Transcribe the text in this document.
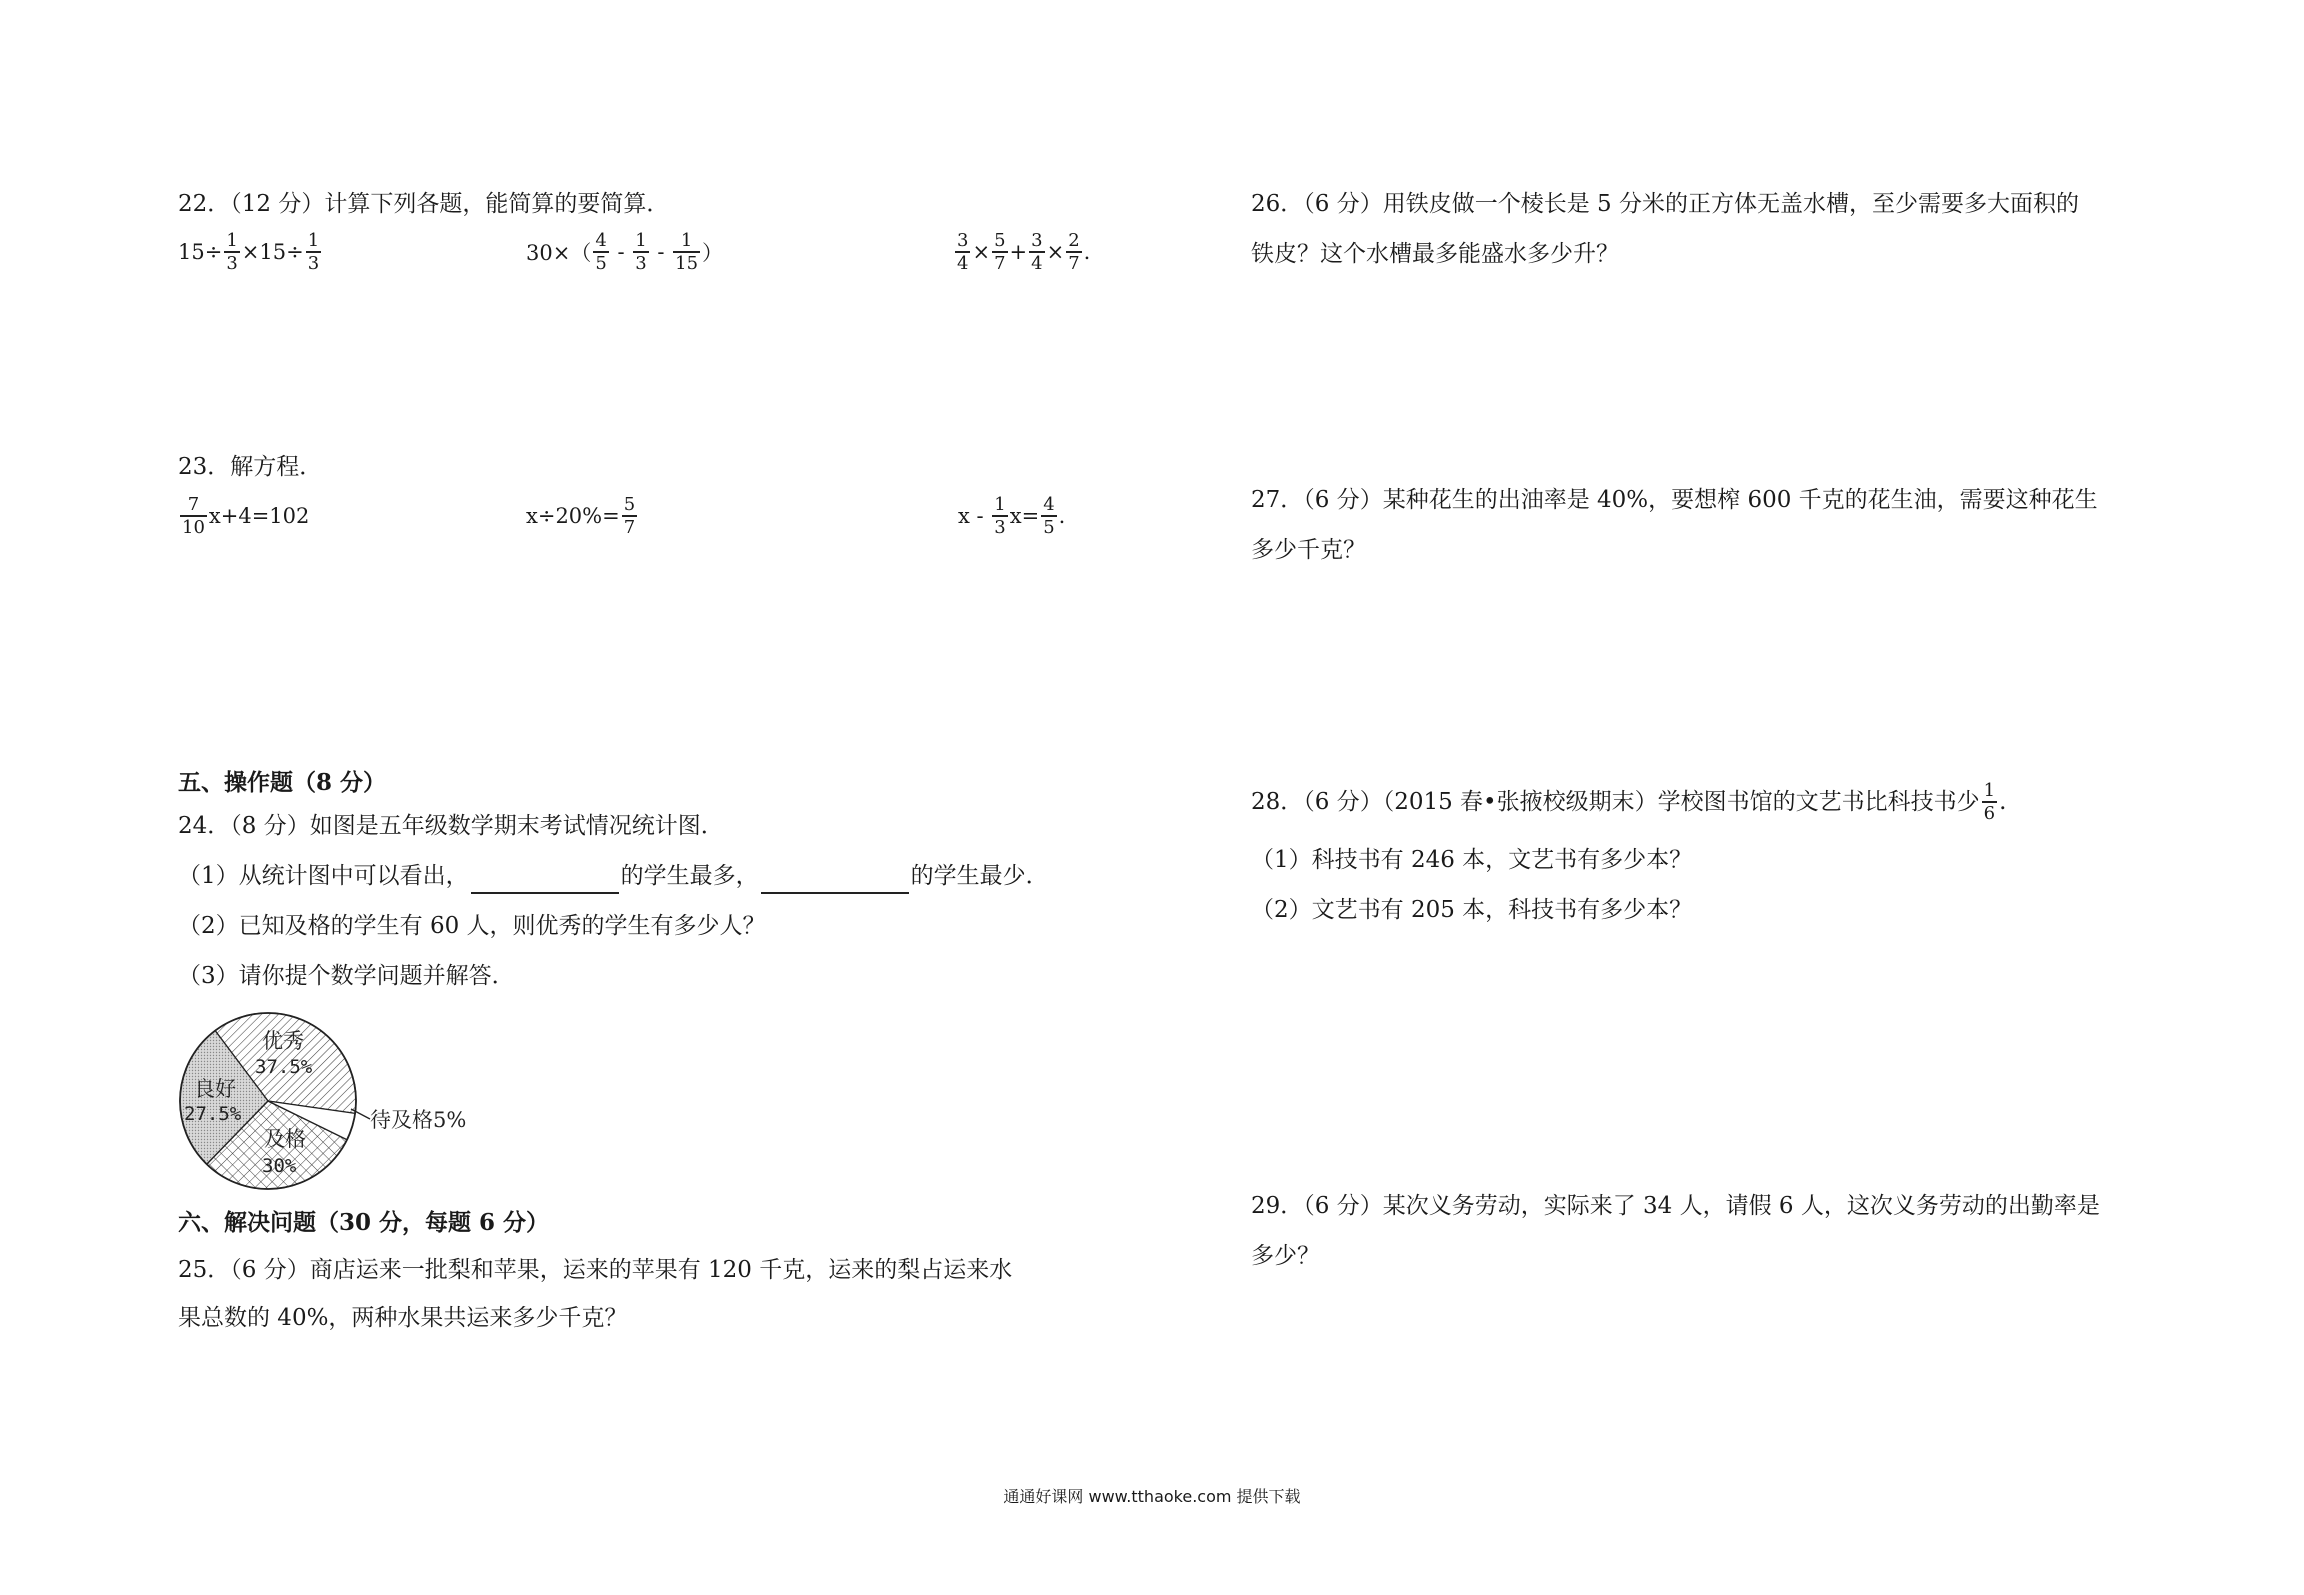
22．（12 分）计算下列各题，能简算的要简算．
$15\div \frac{1}{3} \times 15\div \frac{1}{3}$	$30\times( \frac{4}{5} - \frac{1}{3} - \frac{1}{15}$ ）	$\frac{3}{4} \times \frac{5}{7} + \frac{3}{4} \times \frac{2}{7}$ .
23．解方程．
$\frac{7}{10} x+4=102$	$x\div 20\%= \frac{5}{7}$	$x - \frac{1}{3} x= \frac{4}{5}$ .
五、操作题（8 分）
24．（8 分）如图是五年级数学期末考试情况统计图．
（1）从统计图中可以看出，	的学生最多，	的学生最少．
（2）已知及格的学生有 60 人，则优秀的学生有多少人？
（3）请你提个数学问题并解答．
优秀
37.5%
良好
27.5%
及格
30%
待及格5%
六、解决问题（30 分，每题 6 分）
25．（6 分）商店运来一批梨和苹果，运来的苹果有 120 千克，运来的梨占运来水
果总数的 40%，两种水果共运来多少千克？
26．（6 分）用铁皮做一个棱长是 5 分米的正方体无盖水槽，至少需要多大面积的
铁皮？这个水槽最多能盛水多少升？
27．（6 分）某种花生的出油率是 40%，要想榨 600 千克的花生油，需要这种花生
多少千克？
28．（6 分）（2015 春•张掖校级期末）学校图书馆的文艺书比科技书少 $\frac{1}{6}$ .
（1）科技书有 246 本，文艺书有多少本？
（2）文艺书有 205 本，科技书有多少本？
29．（6 分）某次义务劳动，实际来了 34 人，请假 6 人，这次义务劳动的出勤率是
多少？
通通好课网 www.tthaoke.com 提供下载
